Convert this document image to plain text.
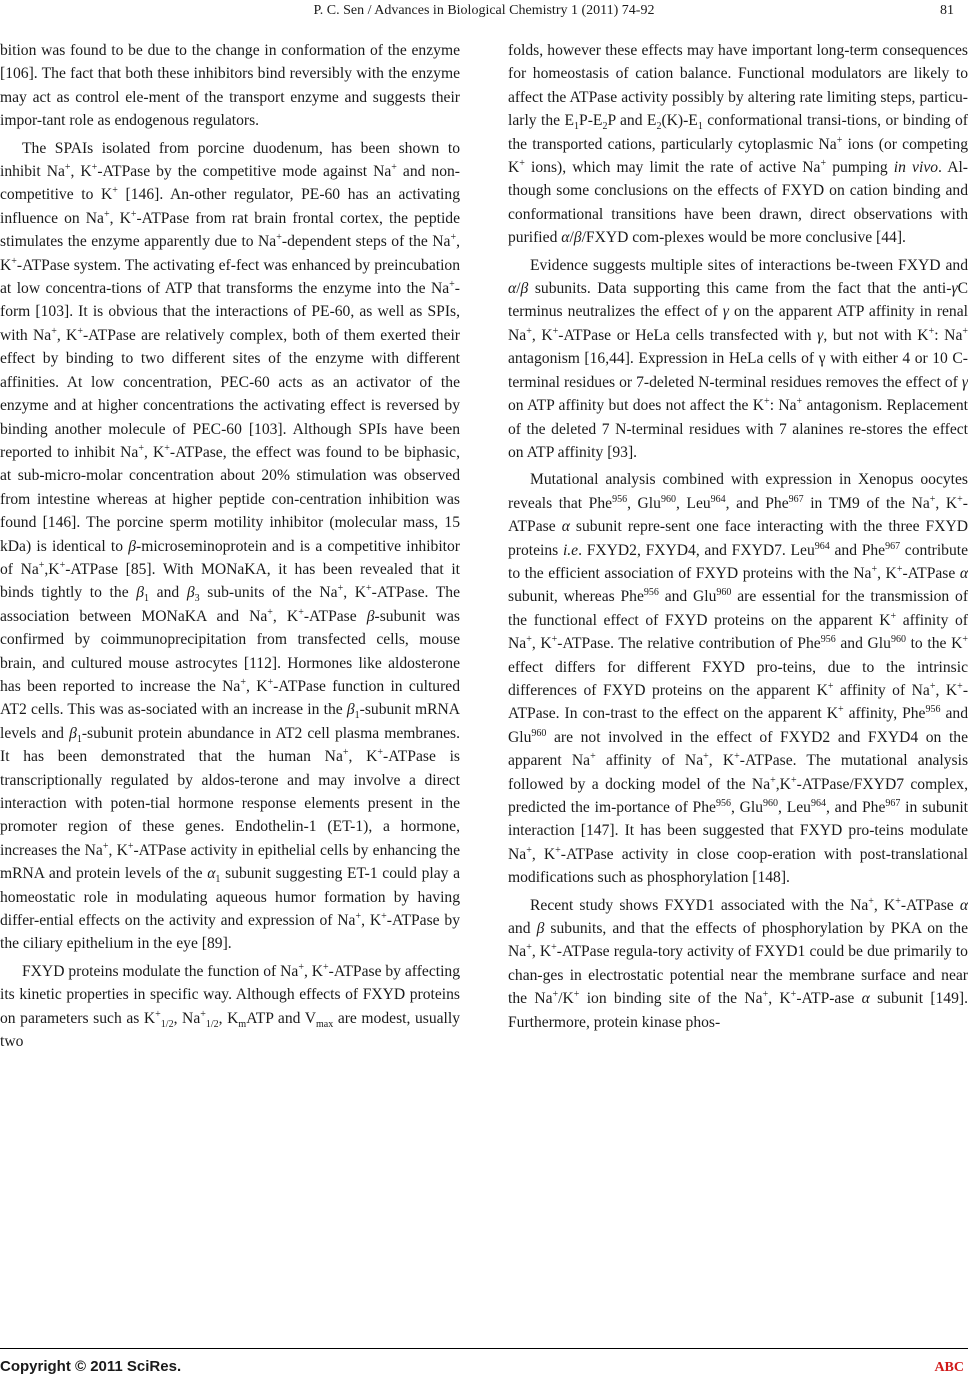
P. C. Sen / Advances in Biological Chemistry 1 (2011) 74-92	81

bition was found to be due to the change in conformation of the enzyme [106]. The fact that both these inhibitors bind reversibly with the enzyme may act as control ele-ment of the transport enzyme and suggests their impor-tant role as endogenous regulators.

The SPAIs isolated from porcine duodenum, has been shown to inhibit Na+, K+-ATPase by the competitive mode against Na+ and non-competitive to K+ [146]. An-other regulator, PE-60 has an activating influence on Na+, K+-ATPase from rat brain frontal cortex, the peptide stimulates the enzyme apparently due to Na+-dependent steps of the Na+, K+-ATPase system. The activating ef-fect was enhanced by preincubation at low concentra-tions of ATP that transforms the enzyme into the Na+-form [103]. It is obvious that the interactions of PE-60, as well as SPIs, with Na+, K+-ATPase are relatively complex, both of them exerted their effect by binding to two different sites of the enzyme with different affinities. At low concentration, PEC-60 acts as an activator of the enzyme and at higher concentrations the activating effect is reversed by binding another molecule of PEC-60 [103]. Although SPIs have been reported to inhibit Na+, K+-ATPase, the effect was found to be biphasic, at sub-micro-molar concentration about 20% stimulation was observed from intestine whereas at higher peptide con-centration inhibition was found [146]. The porcine sperm motility inhibitor (molecular mass, 15 kDa) is identical to β-microseminoprotein and is a competitive inhibitor of Na+,K+-ATPase [85]. With MONaKA, it has been revealed that it binds tightly to the $\beta_1$ and $\beta_3$ sub-units of the Na+, K+-ATPase. The association between MONaKA and Na+, K+-ATPase β-subunit was confirmed by coimmunoprecipitation from transfected cells, mouse brain, and cultured mouse astrocytes [112]. Hormones like aldosterone has been reported to increase the Na+, K+-ATPase function in cultured AT2 cells. This was as-sociated with an increase in the $\beta_1$-subunit mRNA levels and $\beta_1$-subunit protein abundance in AT2 cell plasma membranes. It has been demonstrated that the human Na+, K+-ATPase is transcriptionally regulated by aldos-terone and may involve a direct interaction with poten-tial hormone response elements present in the promoter region of these genes. Endothelin-1 (ET-1), a hormone, increases the Na+, K+-ATPase activity in epithelial cells by enhancing the mRNA and protein levels of the $\alpha_1$ subunit suggesting ET-1 could play a homeostatic role in modulating aqueous humor formation by having differ-ential effects on the activity and expression of Na+, K+-ATPase by the ciliary epithelium in the eye [89].

FXYD proteins modulate the function of Na+, K+-ATPase by affecting its kinetic properties in specific way. Although effects of FXYD proteins on parameters such as $K^+_{1/2}$, $Na^+_{1/2}$, $K_mATP$ and $V_{max}$ are modest, usually two

folds, however these effects may have important long-term consequences for homeostasis of cation balance. Functional modulators are likely to affect the ATPase activity possibly by altering rate limiting steps, particu-larly the $E_1P-E_2P$ and $E_2(K)-E_1$ conformational transi-tions, or binding of the transported cations, particularly cytoplasmic Na+ ions (or competing K+ ions), which may limit the rate of active Na+ pumping in vivo. Al-though some conclusions on the effects of FXYD on cation binding and conformational transitions have been drawn, direct observations with purified α/β/FXYD com-plexes would be more conclusive [44].

Evidence suggests multiple sites of interactions be-tween FXYD and α/β subunits. Data supporting this came from the fact that the anti-γC terminus neutralizes the effect of γ on the apparent ATP affinity in renal Na+, K+-ATPase or HeLa cells transfected with γ, but not with K+: Na+ antagonism [16,44]. Expression in HeLa cells of γ with either 4 or 10 C-terminal residues or 7-deleted N-terminal residues removes the effect of γ on ATP affinity but does not affect the K+: Na+ antagonism. Replacement of the deleted 7 N-terminal residues with 7 alanines re-stores the effect on ATP affinity [93].

Mutational analysis combined with expression in Xenopus oocytes reveals that Phe$^{956}$, Glu$^{960}$, Leu$^{964}$, and Phe$^{967}$ in TM9 of the Na+, K+-ATPase α subunit repre-sent one face interacting with the three FXYD proteins i.e. FXYD2, FXYD4, and FXYD7. Leu$^{964}$ and Phe$^{967}$ contribute to the efficient association of FXYD proteins with the Na+, K+-ATPase α subunit, whereas Phe$^{956}$ and Glu$^{960}$ are essential for the transmission of the functional effect of FXYD proteins on the apparent K+ affinity of Na+, K+-ATPase. The relative contribution of Phe$^{956}$ and Glu$^{960}$ to the K+ effect differs for different FXYD pro-teins, due to the intrinsic differences of FXYD proteins on the apparent K+ affinity of Na+, K+-ATPase. In con-trast to the effect on the apparent K+ affinity, Phe$^{956}$ and Glu$^{960}$ are not involved in the effect of FXYD2 and FXYD4 on the apparent Na+ affinity of Na+, K+-ATPase. The mutational analysis followed by a docking model of the Na+,K+-ATPase/FXYD7 complex, predicted the im-portance of Phe$^{956}$, Glu$^{960}$, Leu$^{964}$, and Phe$^{967}$ in subunit interaction [147]. It has been suggested that FXYD pro-teins modulate Na+, K+-ATPase activity in close coop-eration with post-translational modifications such as phosphorylation [148].

Recent study shows FXYD1 associated with the Na+, K+-ATPase α and β subunits, and that the effects of phosphorylation by PKA on the Na+, K+-ATPase regula-tory activity of FXYD1 could be due primarily to chan-ges in electrostatic potential near the membrane surface and near the Na+/K+ ion binding site of the Na+, K+-ATP-ase α subunit [149]. Furthermore, protein kinase phos-

Copyright © 2011 SciRes.	ABC
